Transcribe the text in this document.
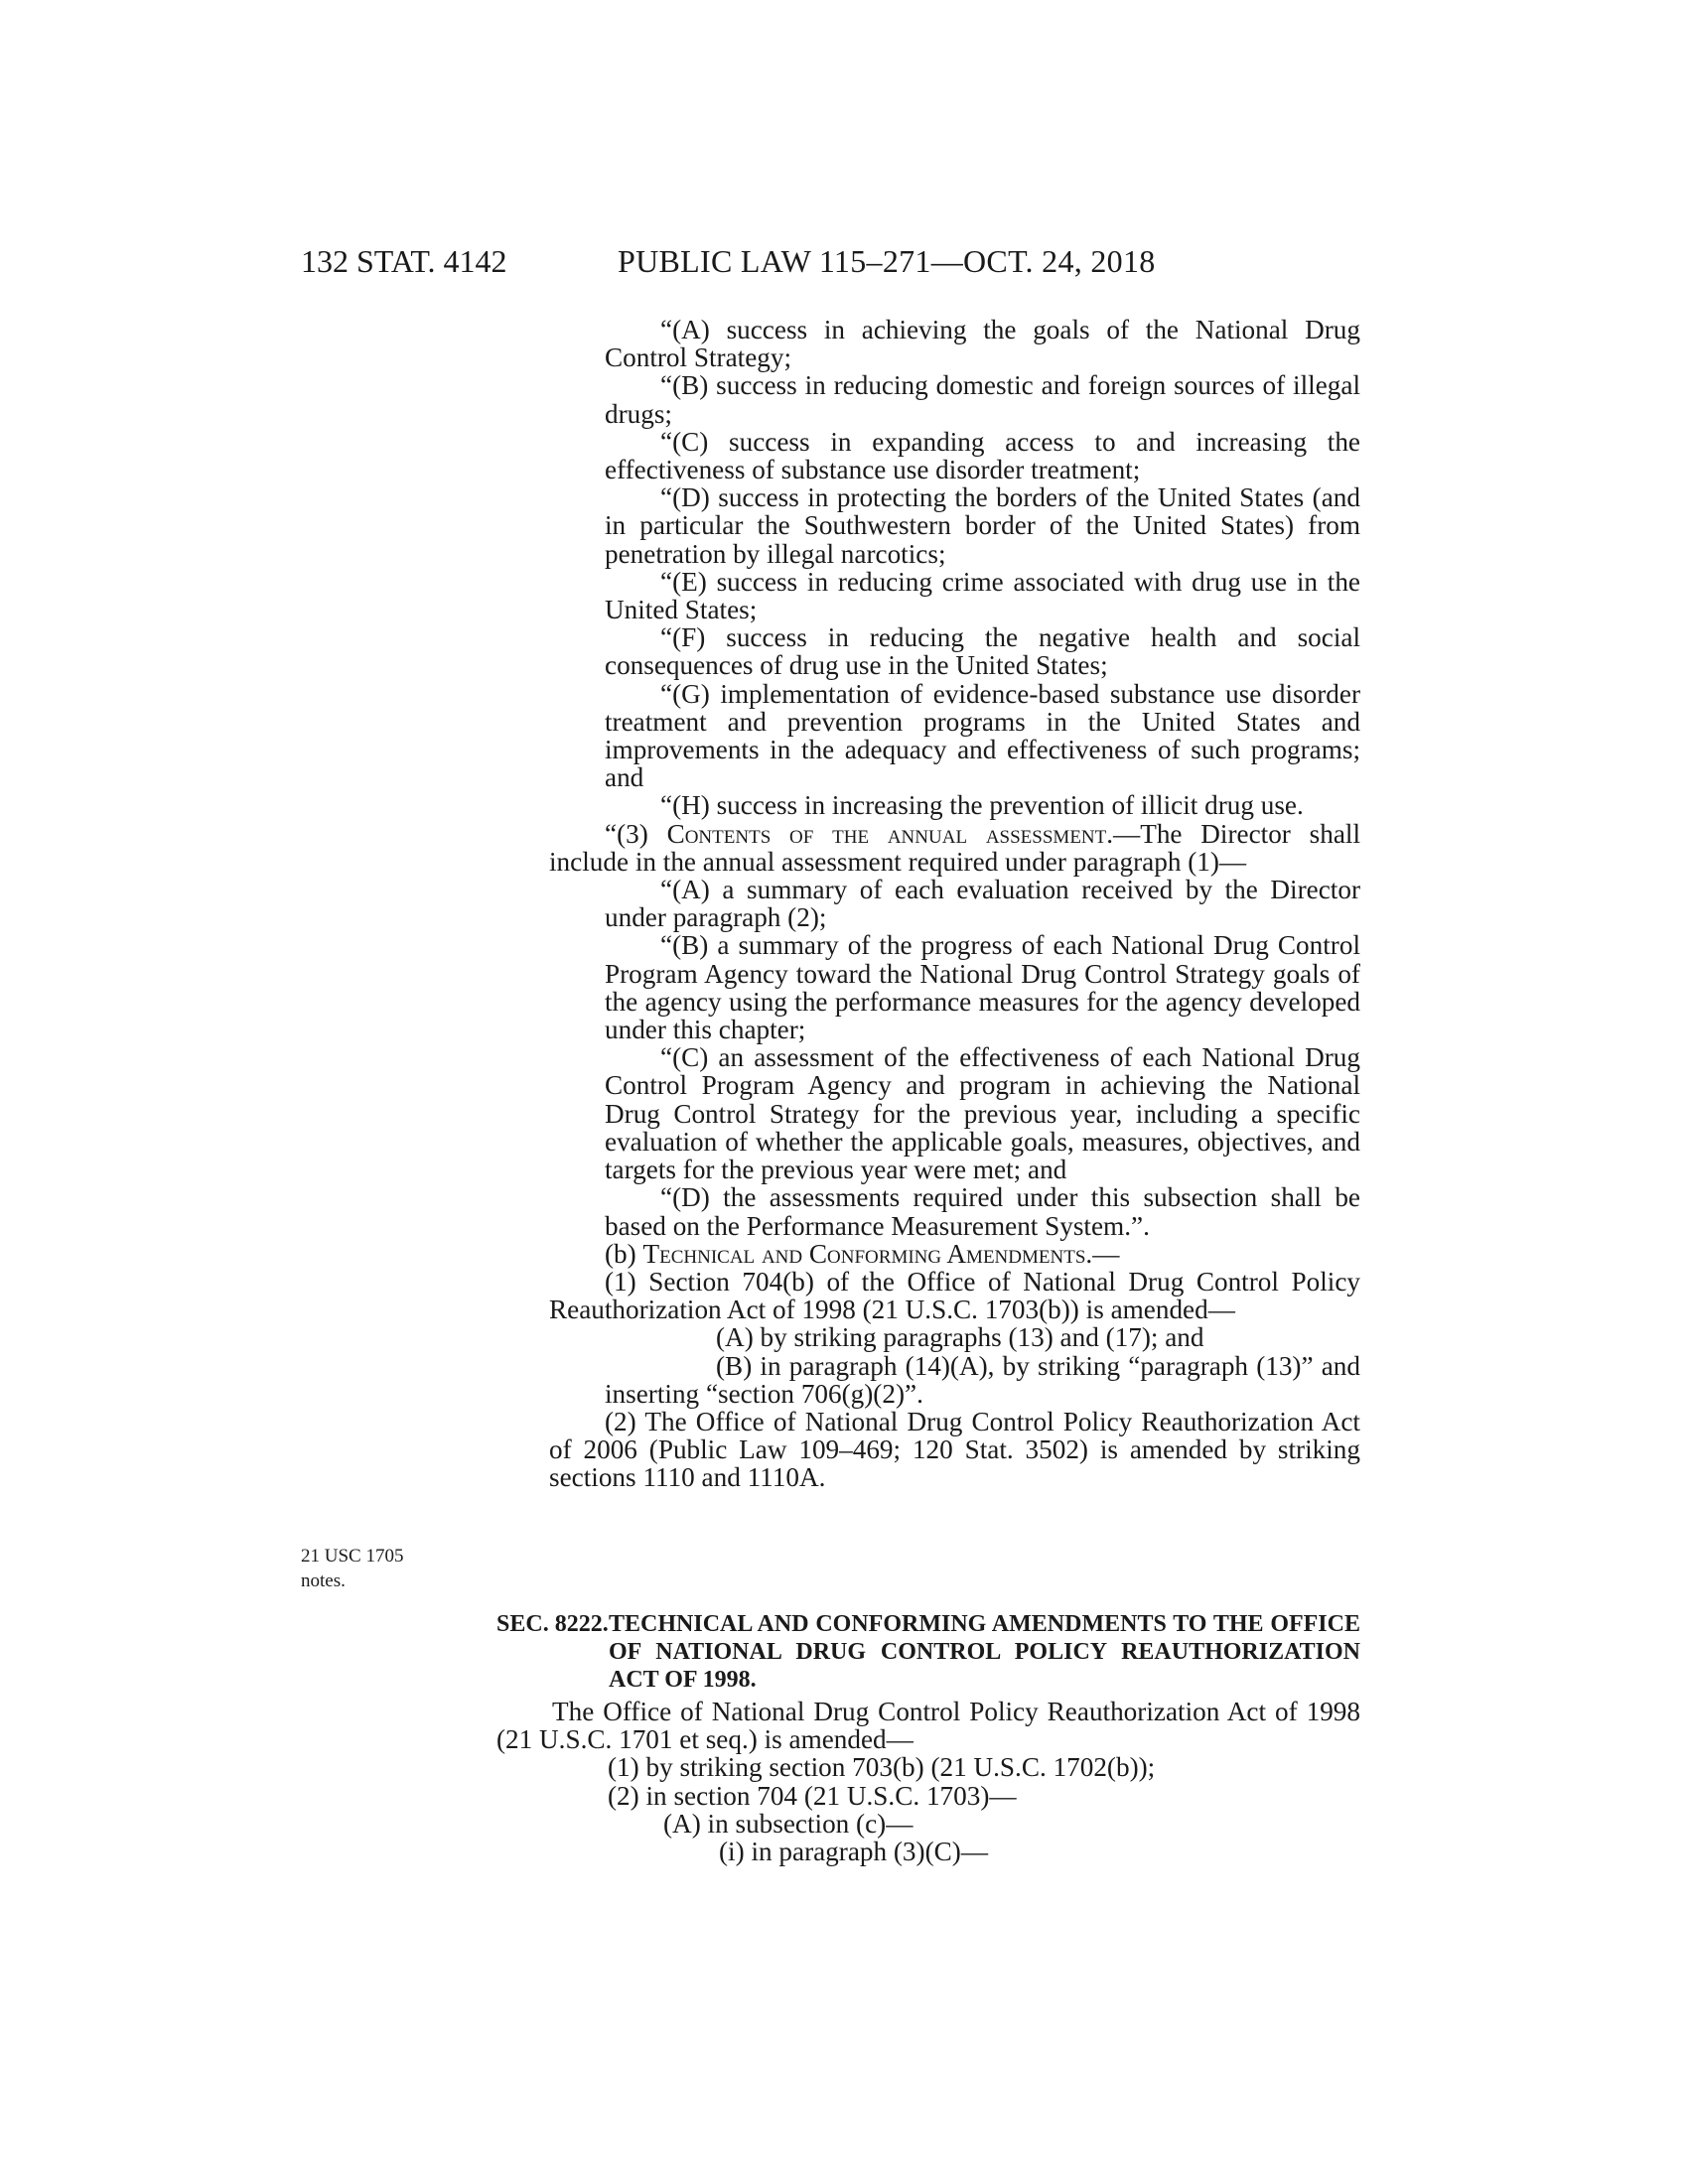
132 STAT. 4142	PUBLIC LAW 115–271—OCT. 24, 2018

“(A) success in achieving the goals of the National Drug Control Strategy;

“(B) success in reducing domestic and foreign sources of illegal drugs;

“(C) success in expanding access to and increasing the effectiveness of substance use disorder treatment;

“(D) success in protecting the borders of the United States (and in particular the Southwestern border of the United States) from penetration by illegal narcotics;

“(E) success in reducing crime associated with drug use in the United States;

“(F) success in reducing the negative health and social consequences of drug use in the United States;

“(G) implementation of evidence-based substance use disorder treatment and prevention programs in the United States and improvements in the adequacy and effectiveness of such programs; and

“(H) success in increasing the prevention of illicit drug use.

“(3) Contents of the annual assessment.—The Director shall include in the annual assessment required under paragraph (1)—

“(A) a summary of each evaluation received by the Director under paragraph (2);

“(B) a summary of the progress of each National Drug Control Program Agency toward the National Drug Control Strategy goals of the agency using the performance measures for the agency developed under this chapter;

“(C) an assessment of the effectiveness of each National Drug Control Program Agency and program in achieving the National Drug Control Strategy for the previous year, including a specific evaluation of whether the applicable goals, measures, objectives, and targets for the previous year were met; and

“(D) the assessments required under this subsection shall be based on the Performance Measurement System.”.

(b) Technical and Conforming Amendments.—

(1) Section 704(b) of the Office of National Drug Control Policy Reauthorization Act of 1998 (21 U.S.C. 1703(b)) is amended—

(A) by striking paragraphs (13) and (17); and

(B) in paragraph (14)(A), by striking “paragraph (13)” and inserting “section 706(g)(2)”.

(2) The Office of National Drug Control Policy Reauthorization Act of 2006 (Public Law 109–469; 120 Stat. 3502) is amended by striking sections 1110 and 1110A.

21 USC 1705
notes.
SEC. 8222. TECHNICAL AND CONFORMING AMENDMENTS TO THE OFFICE OF NATIONAL DRUG CONTROL POLICY REAUTHORIZATION ACT OF 1998.

The Office of National Drug Control Policy Reauthorization Act of 1998 (21 U.S.C. 1701 et seq.) is amended—

(1) by striking section 703(b) (21 U.S.C. 1702(b));

(2) in section 704 (21 U.S.C. 1703)—

(A) in subsection (c)—

(i) in paragraph (3)(C)—
